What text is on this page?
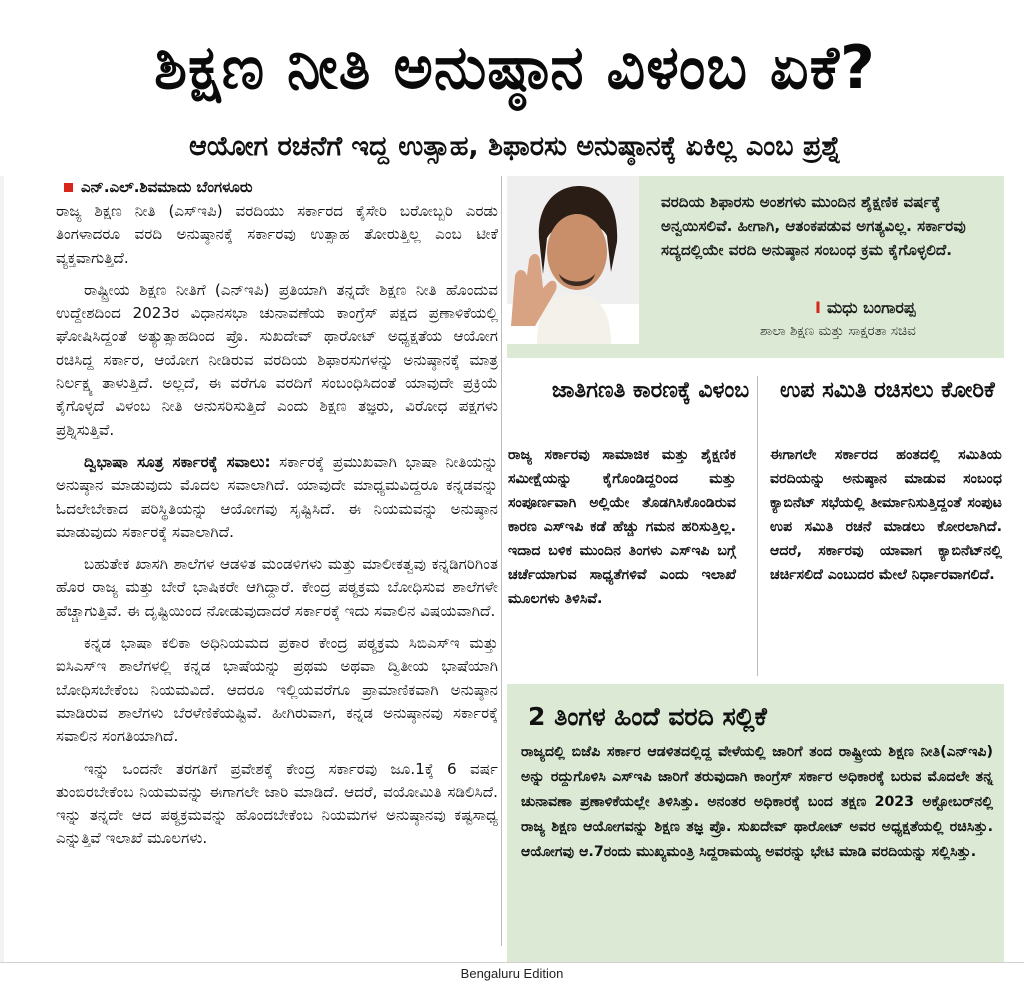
ಶಿಕ್ಷಣ ನೀತಿ ಅನುಷ್ಠಾನ ವಿಳಂಬ ಏಕೆ?
ಆಯೋಗ ರಚನೆಗೆ ಇದ್ದ ಉತ್ಸಾಹ, ಶಿಫಾರಸು ಅನುಷ್ಠಾನಕ್ಕೆ ಏಕಿಲ್ಲ ಎಂಬ ಪ್ರಶ್ನೆ
ಎನ್.ಎಲ್.ಶಿವಮಾದು ಬೆಂಗಳೂರು

ರಾಜ್ಯ ಶಿಕ್ಷಣ ನೀತಿ (ಎಸ್‌ಇಪಿ) ವರದಿಯು ಸರ್ಕಾರದ ಕೈಸೇರಿ ಬರೋಬ್ಬರಿ ಎರಡು ತಿಂಗಳಾದರೂ ವರದಿ ಅನುಷ್ಠಾನಕ್ಕೆ ಸರ್ಕಾರವು ಉತ್ಸಾಹ ತೋರುತ್ತಿಲ್ಲ ಎಂಬ ಟೀಕೆ ವ್ಯಕ್ತವಾಗುತ್ತಿದೆ.

ರಾಷ್ಟ್ರೀಯ ಶಿಕ್ಷಣ ನೀತಿಗೆ (ಎನ್‌ಇಪಿ) ಪ್ರತಿಯಾಗಿ ತನ್ನದೇ ಶಿಕ್ಷಣ ನೀತಿ ಹೊಂದುವ ಉದ್ದೇಶದಿಂದ 2023ರ ವಿಧಾನಸಭಾ ಚುನಾವಣೆಯ ಕಾಂಗ್ರೆಸ್ ಪಕ್ಷದ ಪ್ರಣಾಳಿಕೆಯಲ್ಲಿ ಘೋಷಿಸಿದ್ದಂತೆ ಅತ್ಯುತ್ಸಾಹದಿಂದ ಪ್ರೊ. ಸುಖದೇವ್ ಥಾರೋಟ್ ಅಧ್ಯಕ್ಷತೆಯ ಆಯೋಗ ರಚಿಸಿದ್ದ ಸರ್ಕಾರ, ಆಯೋಗ ನೀಡಿರುವ ವರದಿಯ ಶಿಫಾರಸುಗಳನ್ನು ಅನುಷ್ಠಾನಕ್ಕೆ ಮಾತ್ರ ನಿರ್ಲಕ್ಷ್ಯ ತಾಳುತ್ತಿದೆ. ಅಲ್ಲದೆ, ಈ ವರೆಗೂ ವರದಿಗೆ ಸಂಬಂಧಿಸಿದಂತೆ ಯಾವುದೇ ಪ್ರಕ್ರಿಯೆ ಕೈಗೊಳ್ಳದೆ ವಿಳಂಬ ನೀತಿ ಅನುಸರಿಸುತ್ತಿದೆ ಎಂದು ಶಿಕ್ಷಣ ತಜ್ಞರು, ವಿರೋಧ ಪಕ್ಷಗಳು ಪ್ರಶ್ನಿಸುತ್ತಿವೆ.

ದ್ವಿಭಾಷಾ ಸೂತ್ರ ಸರ್ಕಾರಕ್ಕೆ ಸವಾಲು: ಸರ್ಕಾರಕ್ಕೆ ಪ್ರಮುಖವಾಗಿ ಭಾಷಾ ನೀತಿಯನ್ನು ಅನುಷ್ಠಾನ ಮಾಡುವುದು ಮೊದಲ ಸವಾಲಾಗಿದೆ. ಯಾವುದೇ ಮಾಧ್ಯಮವಿದ್ದರೂ ಕನ್ನಡವನ್ನು ಓದಲೇಬೇಕಾದ ಪರಿಸ್ಥಿತಿಯನ್ನು ಆಯೋಗವು ಸೃಷ್ಟಿಸಿದೆ. ಈ ನಿಯಮವನ್ನು ಅನುಷ್ಠಾನ ಮಾಡುವುದು ಸರ್ಕಾರಕ್ಕೆ ಸವಾಲಾಗಿದೆ.

ಬಹುತೇಕ ಖಾಸಗಿ ಶಾಲೆಗಳ ಆಡಳಿತ ಮಂಡಳಿಗಳು ಮತ್ತು ಮಾಲೀಕತ್ವವು ಕನ್ನಡಿಗರಿಗಿಂತ ಹೊರ ರಾಜ್ಯ ಮತ್ತು ಬೇರೆ ಭಾಷಿಕರೇ ಆಗಿದ್ದಾರೆ. ಕೇಂದ್ರ ಪಠ್ಯಕ್ರಮ ಬೋಧಿಸುವ ಶಾಲೆಗಳೇ ಹೆಚ್ಚಾಗುತ್ತಿವೆ. ಈ ದೃಷ್ಟಿಯಿಂದ ನೋಡುವುದಾದರೆ ಸರ್ಕಾರಕ್ಕೆ ಇದು ಸವಾಲಿನ ವಿಷಯವಾಗಿದೆ.

ಕನ್ನಡ ಭಾಷಾ ಕಲಿಕಾ ಅಧಿನಿಯಮದ ಪ್ರಕಾರ ಕೇಂದ್ರ ಪಠ್ಯಕ್ರಮ ಸಿಬಿಎಸ್‌ಇ ಮತ್ತು ಐಸಿಎಸ್‌ಇ ಶಾಲೆಗಳಲ್ಲಿ ಕನ್ನಡ ಭಾಷೆಯನ್ನು ಪ್ರಥಮ ಅಥವಾ ದ್ವಿತೀಯ ಭಾಷೆಯಾಗಿ ಬೋಧಿಸಬೇಕೆಂಬ ನಿಯಮವಿದೆ. ಆದರೂ ಇಲ್ಲಿಯವರೆಗೂ ಪ್ರಾಮಾಣಿಕವಾಗಿ ಅನುಷ್ಠಾನ ಮಾಡಿರುವ ಶಾಲೆಗಳು ಬೆರಳೆಣಿಕೆಯಷ್ಟಿವೆ. ಹೀಗಿರುವಾಗ, ಕನ್ನಡ ಅನುಷ್ಠಾನವು ಸರ್ಕಾರಕ್ಕೆ ಸವಾಲಿನ ಸಂಗತಿಯಾಗಿದೆ.

ಇನ್ನು ಒಂದನೇ ತರಗತಿಗೆ ಪ್ರವೇಶಕ್ಕೆ ಕೇಂದ್ರ ಸರ್ಕಾರವು ಜೂ.1ಕ್ಕೆ 6 ವರ್ಷ ತುಂಬಿರಬೇಕೆಂಬ ನಿಯಮವನ್ನು ಈಗಾಗಲೇ ಜಾರಿ ಮಾಡಿದೆ. ಆದರೆ, ವಯೋಮಿತಿ ಸಡಿಲಿಸಿದೆ. ಇನ್ನು ತನ್ನದೇ ಆದ ಪಠ್ಯಕ್ರಮವನ್ನು ಹೊಂದಬೇಕೆಂಬ ನಿಯಮಗಳ ಅನುಷ್ಠಾನವು ಕಷ್ಟಸಾಧ್ಯ ಎನ್ನುತ್ತಿವೆ ಇಲಾಖೆ ಮೂಲಗಳು.

ವರದಿಯ ಶಿಫಾರಸು ಅಂಶಗಳು ಮುಂದಿನ ಶೈಕ್ಷಣಿಕ ವರ್ಷಕ್ಕೆ ಅನ್ವಯಿಸಲಿವೆ. ಹೀಗಾಗಿ, ಆತಂಕಪಡುವ ಅಗತ್ಯವಿಲ್ಲ. ಸರ್ಕಾರವು ಸದ್ಯದಲ್ಲಿಯೇ ವರದಿ ಅನುಷ್ಠಾನ ಸಂಬಂಧ ಕ್ರಮ ಕೈಗೊಳ್ಳಲಿದೆ.
I ಮಧು ಬಂಗಾರಪ್ಪ
ಶಾಲಾ ಶಿಕ್ಷಣ ಮತ್ತು ಸಾಕ್ಷರತಾ ಸಚಿವ
ಜಾತಿಗಣತಿ ಕಾರಣಕ್ಕೆ ವಿಳಂಬ

ರಾಜ್ಯ ಸರ್ಕಾರವು ಸಾಮಾಜಿಕ ಮತ್ತು ಶೈಕ್ಷಣಿಕ ಸಮೀಕ್ಷೆಯನ್ನು ಕೈಗೊಂಡಿದ್ದರಿಂದ ಮತ್ತು ಸಂಪೂರ್ಣವಾಗಿ ಅಲ್ಲಿಯೇ ತೊಡಗಿಸಿಕೊಂಡಿರುವ ಕಾರಣ ಎಸ್‌ಇಪಿ ಕಡೆ ಹೆಚ್ಚು ಗಮನ ಹರಿಸುತ್ತಿಲ್ಲ. ಇದಾದ ಬಳಿಕ ಮುಂದಿನ ತಿಂಗಳು ಎಸ್‌ಇಪಿ ಬಗ್ಗೆ ಚರ್ಚೆಯಾಗುವ ಸಾಧ್ಯತೆಗಳಿವೆ ಎಂದು ಇಲಾಖೆ ಮೂಲಗಳು ತಿಳಿಸಿವೆ.

ಉಪ ಸಮಿತಿ ರಚಿಸಲು ಕೋರಿಕೆ

ಈಗಾಗಲೇ ಸರ್ಕಾರದ ಹಂತದಲ್ಲಿ ಸಮಿತಿಯ ವರದಿಯನ್ನು ಅನುಷ್ಠಾನ ಮಾಡುವ ಸಂಬಂಧ ಕ್ಯಾಬಿನೆಟ್ ಸಭೆಯಲ್ಲಿ ತೀರ್ಮಾನಿಸುತ್ತಿದ್ದಂತೆ ಸಂಪುಟ ಉಪ ಸಮಿತಿ ರಚನೆ ಮಾಡಲು ಕೋರಲಾಗಿದೆ. ಆದರೆ, ಸರ್ಕಾರವು ಯಾವಾಗ ಕ್ಯಾಬಿನೆಟ್‌ನಲ್ಲಿ ಚರ್ಚಿಸಲಿದೆ ಎಂಬುದರ ಮೇಲೆ ನಿರ್ಧಾರವಾಗಲಿದೆ.

2 ತಿಂಗಳ ಹಿಂದೆ ವರದಿ ಸಲ್ಲಿಕೆ

ರಾಜ್ಯದಲ್ಲಿ ಬಿಜೆಪಿ ಸರ್ಕಾರ ಆಡಳಿತದಲ್ಲಿದ್ದ ವೇಳೆಯಲ್ಲಿ ಜಾರಿಗೆ ತಂದ ರಾಷ್ಟ್ರೀಯ ಶಿಕ್ಷಣ ನೀತಿ(ಎನ್‌ಇಪಿ) ಅನ್ನು ರದ್ದುಗೊಳಿಸಿ ಎಸ್‌ಇಪಿ ಜಾರಿಗೆ ತರುವುದಾಗಿ ಕಾಂಗ್ರೆಸ್ ಸರ್ಕಾರ ಅಧಿಕಾರಕ್ಕೆ ಬರುವ ಮೊದಲೇ ತನ್ನ ಚುನಾವಣಾ ಪ್ರಣಾಳಿಕೆಯಲ್ಲೇ ತಿಳಿಸಿತ್ತು. ಅನಂತರ ಅಧಿಕಾರಕ್ಕೆ ಬಂದ ತಕ್ಷಣ 2023 ಅಕ್ಟೋಬರ್‌ನಲ್ಲಿ ರಾಜ್ಯ ಶಿಕ್ಷಣ ಆಯೋಗವನ್ನು ಶಿಕ್ಷಣ ತಜ್ಞ ಪ್ರೊ. ಸುಖದೇವ್ ಥಾರೋಟ್ ಅವರ ಅಧ್ಯಕ್ಷತೆಯಲ್ಲಿ ರಚಿಸಿತ್ತು. ಆಯೋಗವು ಆ.7ರಂದು ಮುಖ್ಯಮಂತ್ರಿ ಸಿದ್ದರಾಮಯ್ಯ ಅವರನ್ನು ಭೇಟಿ ಮಾಡಿ ವರದಿಯನ್ನು ಸಲ್ಲಿಸಿತ್ತು.

Bengaluru Edition
